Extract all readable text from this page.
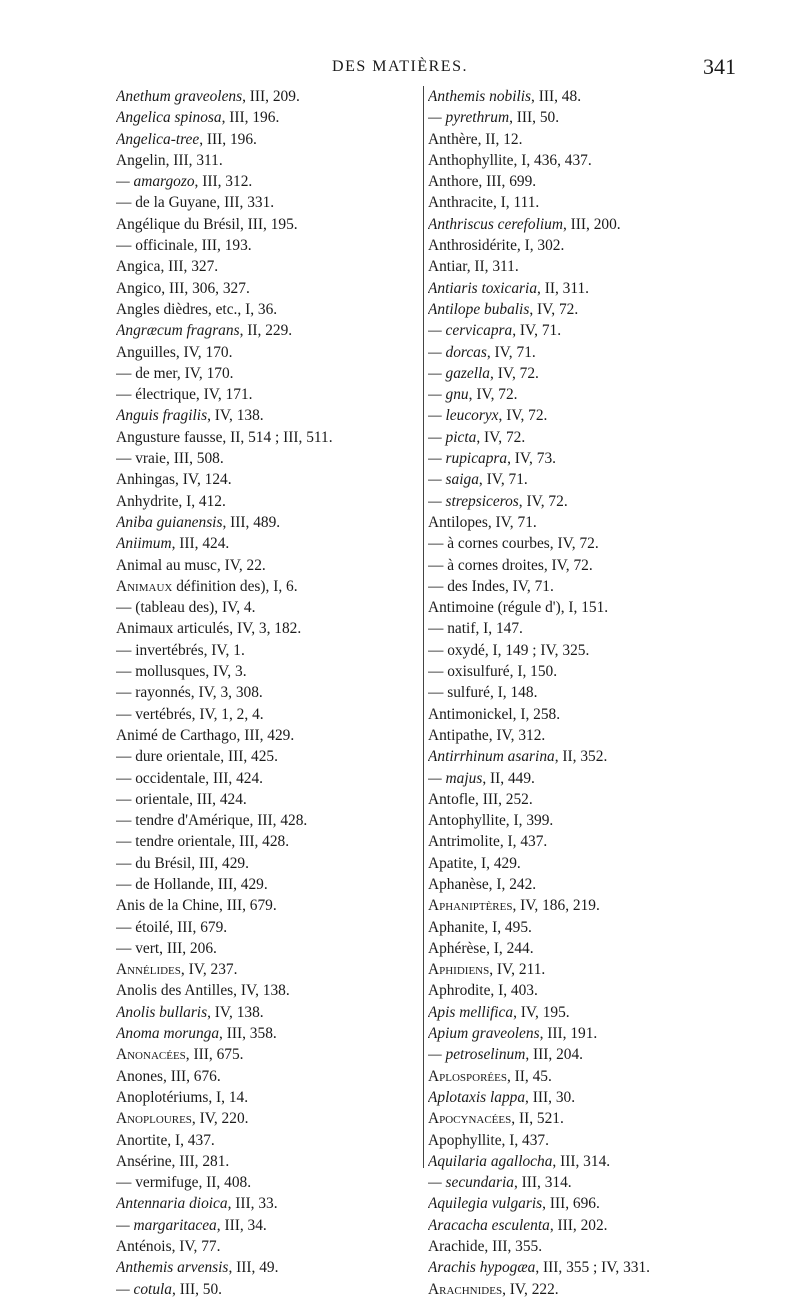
DES MATIÈRES.	341
Anethum graveolens, III, 209.
Angelica spinosa, III, 196.
Angelica-tree, III, 196.
Angelin, III, 311.
— amargozo, III, 312.
— de la Guyane, III, 331.
Angélique du Brésil, III, 195.
— officinale, III, 193.
Angica, III, 327.
Angico, III, 306, 327.
Angles dièdres, etc., I, 36.
Angræcum fragrans, II, 229.
Anguilles, IV, 170.
— de mer, IV, 170.
— électrique, IV, 171.
Anguis fragilis, IV, 138.
Angusture fausse, II, 514 ; III, 511.
— vraie, III, 508.
Anhingas, IV, 124.
Anhydrite, I, 412.
Aniba guianensis, III, 489.
Aniimum, III, 424.
Animal au musc, IV, 22.
Animaux définition des), I, 6.
— (tableau des), IV, 4.
Animaux articulés, IV, 3, 182.
— invertébrés, IV, 1.
— mollusques, IV, 3.
— rayonnés, IV, 3, 308.
— vertébrés, IV, 1, 2, 4.
Animé de Carthago, III, 429.
— dure orientale, III, 425.
— occidentale, III, 424.
— orientale, III, 424.
— tendre d'Amérique, III, 428.
— tendre orientale, III, 428.
— du Brésil, III, 429.
— de Hollande, III, 429.
Anis de la Chine, III, 679.
— étoilé, III, 679.
— vert, III, 206.
Annélides, IV, 237.
Anolis des Antilles, IV, 138.
Anolis bullaris, IV, 138.
Anoma morunga, III, 358.
Anonacées, III, 675.
Anones, III, 676.
Anoplotériums, I, 14.
Anoploures, IV, 220.
Anortite, I, 437.
Ansérine, III, 281.
— vermifuge, II, 408.
Antennaria dioica, III, 33.
— margaritacea, III, 34.
Anténois, IV, 77.
Anthemis arvensis, III, 49.
— cotula, III, 50.
Anthemis nobilis, III, 48.
— pyrethrum, III, 50.
Anthère, II, 12.
Anthophyllite, I, 436, 437.
Anthore, III, 699.
Anthracite, I, 111.
Anthriscus cerefolium, III, 200.
Anthrosidérite, I, 302.
Antiar, II, 311.
Antiaris toxicaria, II, 311.
Antilope bubalis, IV, 72.
— cervicapra, IV, 71.
— dorcas, IV, 71.
— gazella, IV, 72.
— gnu, IV, 72.
— leucoryx, IV, 72.
— picta, IV, 72.
— rupicapra, IV, 73.
— saiga, IV, 71.
— strepsiceros, IV, 72.
Antilopes, IV, 71.
— à cornes courbes, IV, 72.
— à cornes droites, IV, 72.
— des Indes, IV, 71.
Antimoine (régule d'), I, 151.
— natif, I, 147.
— oxydé, I, 149 ; IV, 325.
— oxisulfuré, I, 150.
— sulfuré, I, 148.
Antimonickel, I, 258.
Antipathe, IV, 312.
Antirrhinum asarina, II, 352.
— majus, II, 449.
Antofle, III, 252.
Antophyllite, I, 399.
Antrimolite, I, 437.
Apatite, I, 429.
Aphanèse, I, 242.
Aphaniptères, IV, 186, 219.
Aphanite, I, 495.
Aphérèse, I, 244.
Aphidiens, IV, 211.
Aphrodite, I, 403.
Apis mellifica, IV, 195.
Apium graveolens, III, 191.
— petroselinum, III, 204.
Aplosporées, II, 45.
Aplotaxis lappa, III, 30.
Apocynacées, II, 521.
Apophyllite, I, 437.
Aquilaria agallocha, III, 314.
— secundaria, III, 314.
Aquilegia vulgaris, III, 696.
Aracacha esculenta, III, 202.
Arachide, III, 355.
Arachis hypogæa, III, 355 ; IV, 331.
Arachnides, IV, 222.
